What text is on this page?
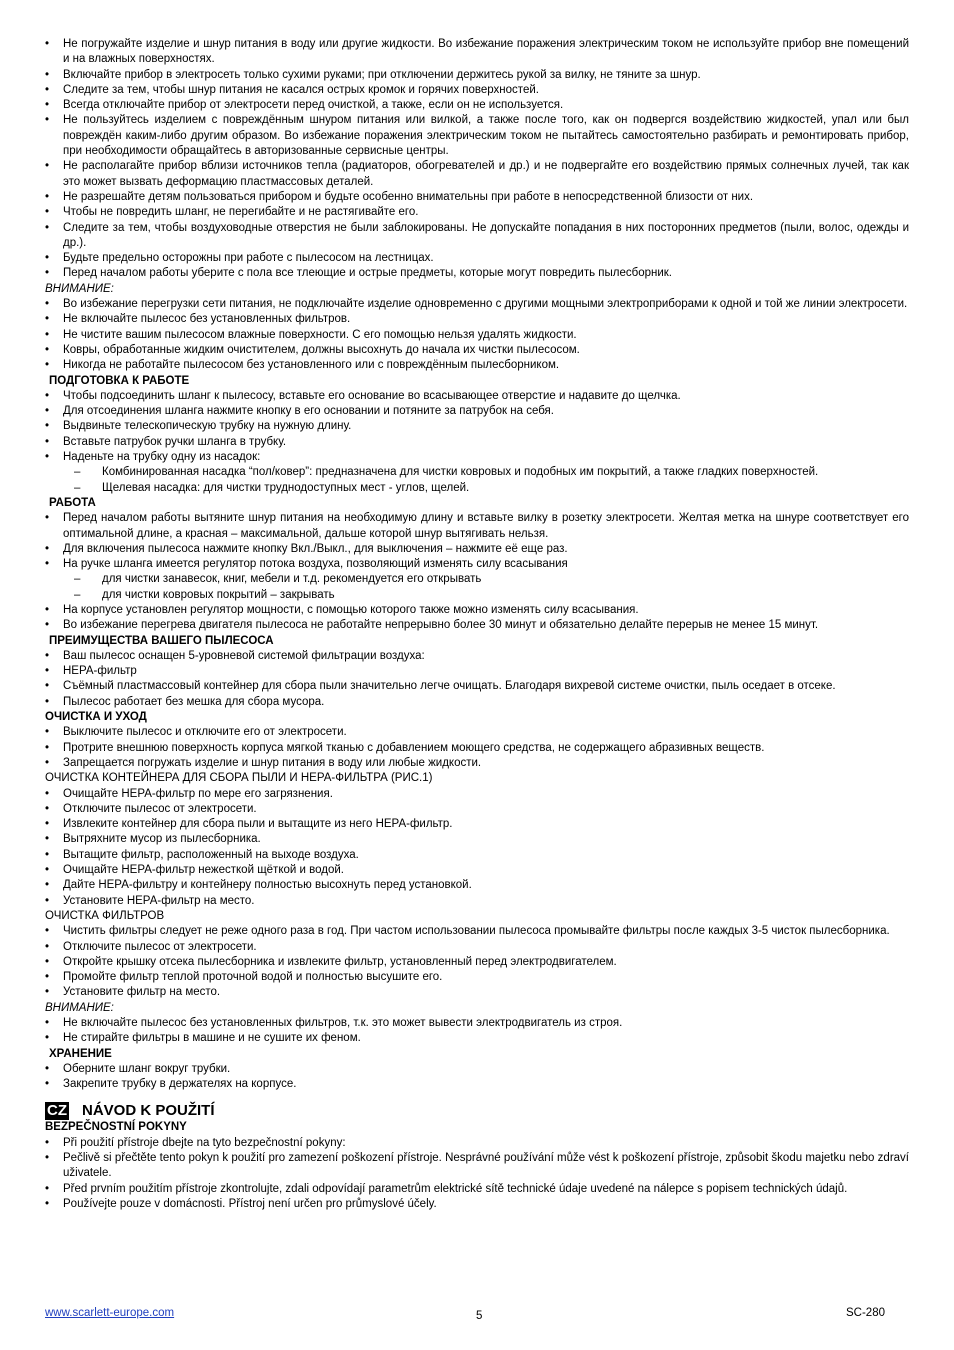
• Не погружайте изделие и шнур питания в воду или другие жидкости. Во избежание поражения электрическим током не используйте прибор вне помещений и на влажных поверхностях.
• Включайте прибор в электросеть только сухими руками; при отключении держитесь рукой за вилку, не тяните за шнур.
• Следите за тем, чтобы шнур питания не касался острых кромок и горячих поверхностей.
• Всегда отключайте прибор от электросети перед очисткой, а также, если он не используется.
• Не пользуйтесь изделием с повреждённым шнуром питания или вилкой, а также после того, как он подвергся воздействию жидкостей, упал или был повреждён каким-либо другим образом. Во избежание поражения электрическим током не пытайтесь самостоятельно разбирать и ремонтировать прибор, при необходимости обращайтесь в авторизованные сервисные центры.
• Не располагайте прибор вблизи источников тепла (радиаторов, обогревателей и др.) и не подвергайте его воздействию прямых солнечных лучей, так как это может вызвать деформацию пластмассовых деталей.
• Не разрешайте детям пользоваться прибором и будьте особенно внимательны при работе в непосредственной близости от них.
• Чтобы не повредить шланг, не перегибайте и не растягивайте его.
• Следите за тем, чтобы воздуховодные отверстия не были заблокированы. Не допускайте попадания в них посторонних предметов (пыли, волос, одежды и др.).
• Будьте предельно осторожны при работе с пылесосом на лестницах.
• Перед началом работы уберите с пола все тлеющие и острые предметы, которые могут повредить пылесборник.
ВНИМАНИЕ:
• Во избежание перегрузки сети питания, не подключайте изделие одновременно с другими мощными электроприборами к одной и той же линии электросети.
• Не включайте пылесос без установленных фильтров.
• Не чистите вашим пылесосом влажные поверхности. С его помощью нельзя удалять жидкости.
• Ковры, обработанные жидким очистителем, должны высохнуть до начала их чистки пылесосом.
• Никогда не работайте пылесосом без установленного или с повреждённым пылесборником.
ПОДГОТОВКА К РАБОТЕ
• Чтобы подсоединить шланг к пылесосу, вставьте его основание во всасывающее отверстие и надавите до щелчка.
• Для отсоединения шланга нажмите кнопку в его основании и потяните за патрубок на себя.
• Выдвиньте телескопическую трубку на нужную длину.
• Вставьте патрубок ручки шланга в трубку.
• Наденьте на трубку одну из насадок:
– Комбинированная насадка “пол/ковер”: предназначена для чистки ковровых и подобных им покрытий, а также гладких поверхностей.
– Щелевая насадка: для чистки труднодоступных мест - углов, щелей.
РАБОТА
• Перед началом работы вытяните шнур питания на необходимую длину и вставьте вилку в розетку электросети. Желтая метка на шнуре соответствует его оптимальной длине, а красная – максимальной, дальше которой шнур вытягивать нельзя.
• Для включения пылесоса нажмите кнопку Вкл./Выкл., для выключения – нажмите её еще раз.
• На ручке шланга имеется регулятор потока воздуха, позволяющий изменять силу всасывания
– для чистки занавесок, книг, мебели и т.д. рекомендуется его открывать
– для чистки ковровых покрытий – закрывать
• На корпусе установлен регулятор мощности, с помощью которого также можно изменять силу всасывания.
• Во избежание перегрева двигателя пылесоса не работайте непрерывно более 30 минут и обязательно делайте перерыв не менее 15 минут.
ПРЕИМУЩЕСТВА ВАШЕГО ПЫЛЕСОСА
• Ваш пылесос оснащен 5-уровневой системой фильтрации воздуха:
• НЕРА-фильтр
• Съёмный пластмассовый контейнер для сбора пыли значительно легче очищать. Благодаря вихревой системе очистки, пыль оседает в отсеке.
• Пылесос работает без мешка для сбора мусора.
ОЧИСТКА И УХОД
• Выключите пылесос и отключите его от электросети.
• Протрите внешнюю поверхность корпуса мягкой тканью с добавлением моющего средства, не содержащего абразивных веществ.
• Запрещается погружать изделие и шнур питания в воду или любые жидкости.
ОЧИСТКА КОНТЕЙНЕРА ДЛЯ СБОРА ПЫЛИ И НЕРА-ФИЛЬТРА (РИС.1)
• Очищайте НЕРА-фильтр по мере его загрязнения.
• Отключите пылесос от электросети.
• Извлеките контейнер для сбора пыли и вытащите из него НЕРА-фильтр.
• Вытряхните мусор из пылесборника.
• Вытащите фильтр, расположенный на выходе воздуха.
• Очищайте НЕРА-фильтр нежесткой щёткой и водой.
• Дайте НЕРА-фильтру и контейнеру полностью высохнуть перед установкой.
• Установите НЕРА-фильтр на место.
ОЧИСТКА ФИЛЬТРОВ
• Чистить фильтры следует не реже одного раза в год. При частом использовании пылесоса промывайте фильтры после каждых 3-5 чисток пылесборника.
• Отключите пылесос от электросети.
• Откройте крышку отсека пылесборника и извлеките фильтр, установленный перед электродвигателем.
• Промойте фильтр теплой проточной водой и полностью высушите его.
• Установите фильтр на место.
ВНИМАНИЕ:
• Не включайте пылесос без установленных фильтров, т.к. это может вывести электродвигатель из строя.
• Не стирайте фильтры в машине и не сушите их феном.
ХРАНЕНИЕ
• Оберните шланг вокруг трубки.
• Закрепите трубку в держателях на корпусе.
CZ NÁVOD K POUŽITÍ
BEZPEČNOSTNÍ POKYNY
• Při použití přístroje dbejte na tyto bezpečnostní pokyny:
• Pečlivě si přečtěte tento pokyn k použití pro zamezení poškození přístroje. Nesprávné používání může vést k poškození přístroje, způsobit škodu majetku nebo zdraví uživatele.
• Před prvním použitím přístroje zkontrolujte, zdali odpovídají parametrům elektrické sítě technické údaje uvedené na nálepce s popisem technických údajů.
• Používejte pouze v domácnosti. Přístroj není určen pro průmyslové účely.
www.scarlett-europe.com	5	SC-280
